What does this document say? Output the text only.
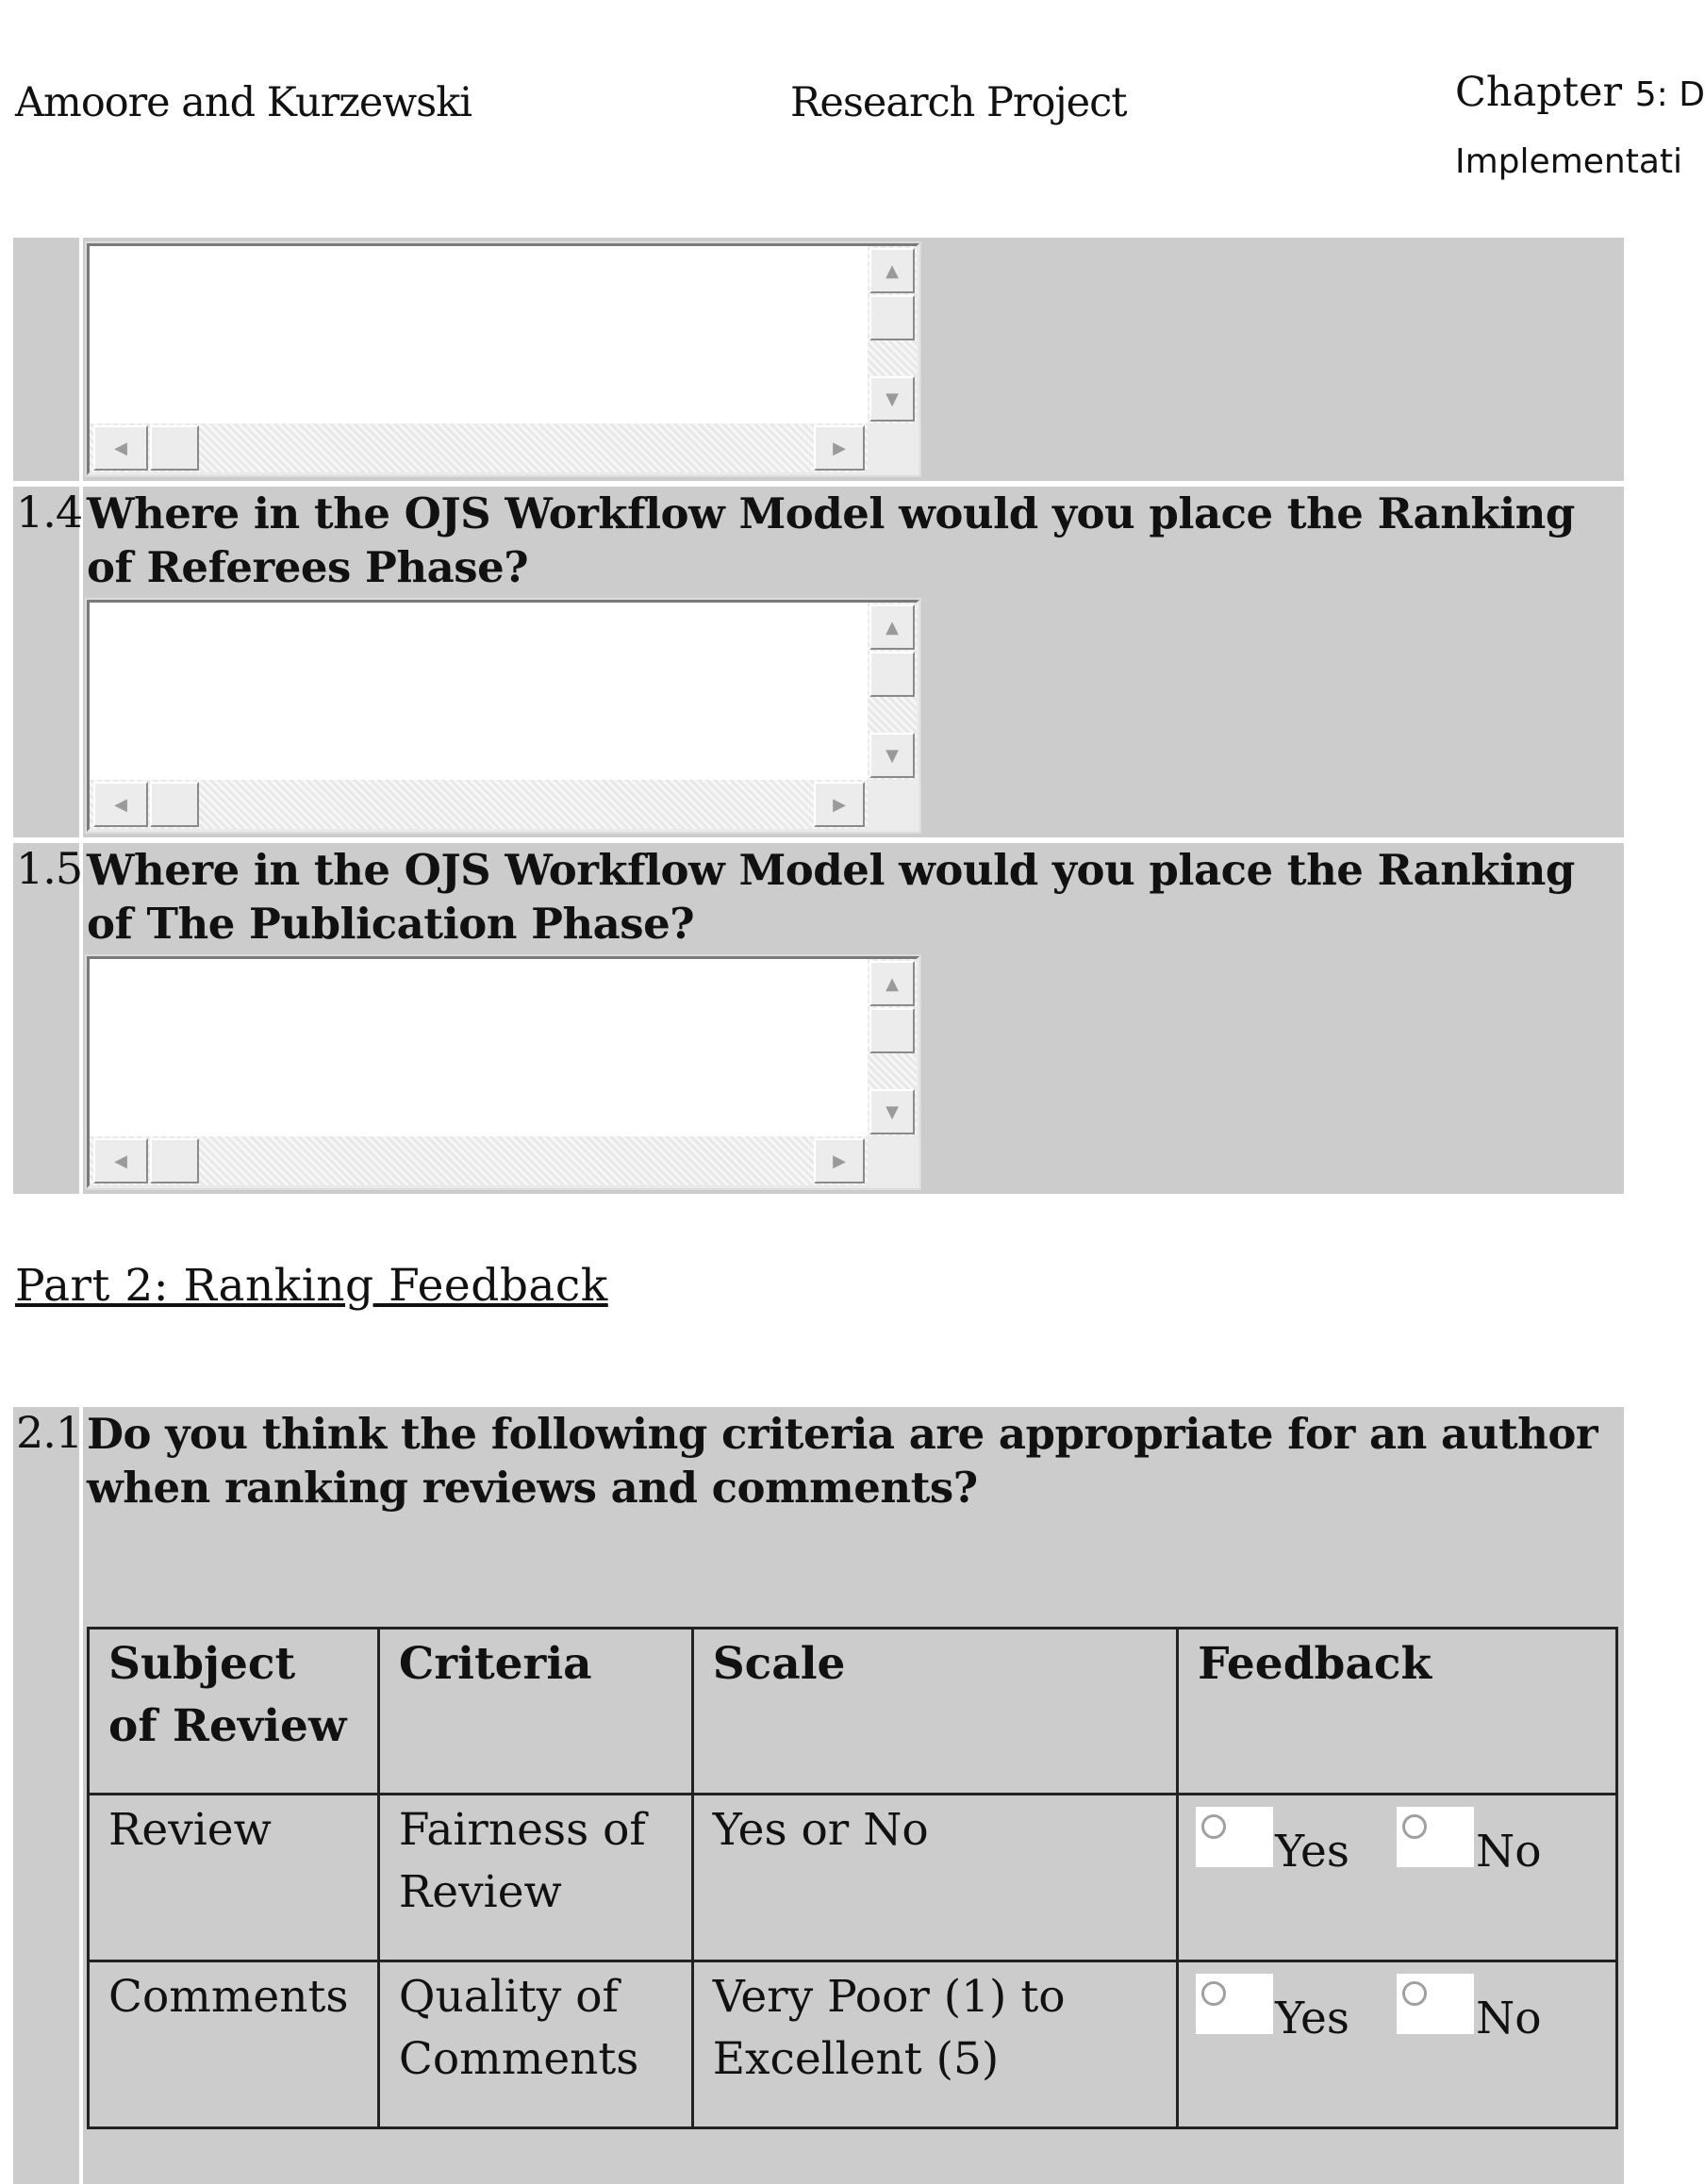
Amoore and Kurzewski	Research Project	Chapter 5: D
Implementati
▲
▼
◀	▶
1.4 Where in the OJS Workflow Model would you place the Ranking of Referees Phase?
▲
▼
◀	▶
1.5 Where in the OJS Workflow Model would you place the Ranking of The Publication Phase?
▲
▼
◀	▶
Part 2: Ranking Feedback
2.1 Do you think the following criteria are appropriate for an author when ranking reviews and comments?
Subject of Review	Criteria	Scale	Feedback
Review	Fairness of Review	Yes or No	Yes No

Comments	Quality of Comments	Very Poor (1) to Excellent (5)	Yes No
